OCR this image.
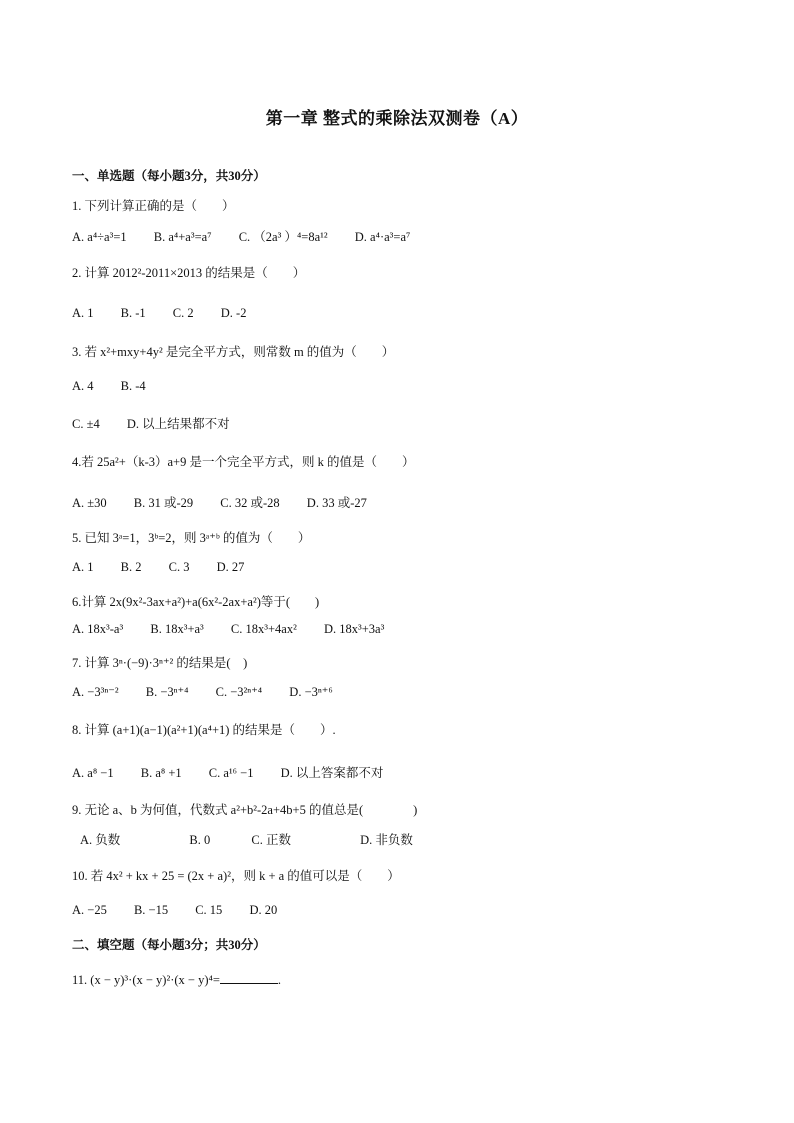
第一章 整式的乘除法双测卷（A）
一、单选题（每小题3分，共30分）
1. 下列计算正确的是（　　）
A. a⁴÷a³=1 B. a⁴+a³=a⁷ C. （2a³ ）⁴=8a¹² D. a⁴·a³=a⁷
2. 计算 2012²-2011×2013 的结果是（　　）
A. 1 B. -1 C. 2 D. -2
3. 若 x²+mxy+4y² 是完全平方式，则常数 m 的值为（　　）
A. 4 B. -4
C. ±4 D. 以上结果都不对
4.若 25a²+（k-3）a+9 是一个完全平方式，则 k 的值是（　　）
A. ±30 B. 31 或-29 C. 32 或-28 D. 33 或-27
5. 已知 3ᵃ=1，3ᵇ=2，则 3ᵃ⁺ᵇ 的值为（　　）
A. 1 B. 2 C. 3 D. 27
6.计算 2x(9x²-3ax+a²)+a(6x²-2ax+a²)等于(　　)
A. 18x³-a³ B. 18x³+a³ C. 18x³+4ax² D. 18x³+3a³
7. 计算 3ⁿ·(−9)·3ⁿ⁺² 的结果是(　)
A. −3³ⁿ⁻² B. −3ⁿ⁺⁴ C. −3²ⁿ⁺⁴ D. −3ⁿ⁺⁶
8. 计算 (a+1)(a−1)(a²+1)(a⁴+1) 的结果是（　　）.
A. a⁸ −1 B. a⁸ +1 C. a¹⁶ −1 D. 以上答案都不对
9. 无论 a、b 为何值，代数式 a²+b²-2a+4b+5 的值总是(　　　　)
A. 负数	B. 0	C. 正数	D. 非负数
10. 若 4x² + kx + 25 = (2x + a)²，则 k + a 的值可以是（　　）
A. −25 B. −15 C. 15 D. 20
二、填空题（每小题3分；共30分）
11. (x − y)³·(x − y)²·(x − y)⁴=	.
